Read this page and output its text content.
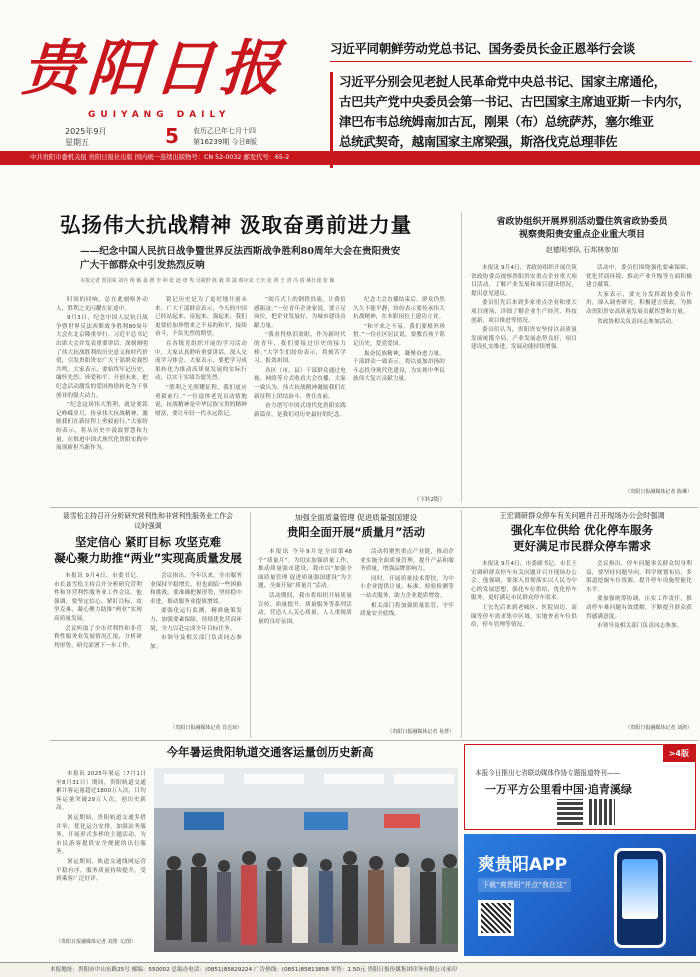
贵阳日报
GUIYANG DAILY
2025年9月
星期五	5 农历乙巳年七月十四
第16239期 今日8版
习近平同朝鲜劳动党总书记、国务委员长金正恩举行会谈
习近平分别会见老挝人民革命党中央总书记、国家主席通伦，
古巴共产党中央委员会第一书记、古巴国家主席迪亚斯－卡内尔，
津巴布韦总统姆南加古瓦，刚果（布）总统萨苏，塞尔维亚
总统武契奇，越南国家主席梁强，斯洛伐克总理菲佐
中共贵阳市委机关报 贵阳日报社出版 国内统一连续出版物号：CN 52-0032 邮发代号：65-2
弘扬伟大抗战精神 汲取奋勇前进力量
——纪念中国人民抗日战争暨世界反法西斯战争胜利80周年大会在贵阳贵安
广大干部群众中引发热烈反响
本报记者 贾国荣 刘丹 杨 颖 晏 媛 李 婷 张 迪 唐 隽 吴婧舒 陈 毅 邓 露 蔡应宋 王庆 张 鸿 王 清 冯 倩 姚仕波 张 颖
时间的回响，总在此刻格外动人，胜利之光闪耀在征途中。
9月3日，纪念中国人民抗日战争暨世界反法西斯战争胜利80周年大会在北京隆重举行。习近平总书记出席大会并发表重要讲话，深刻阐明了伟大抗战胜利的历史意义和时代价值，引发贵阳贵安广大干部群众强烈共鸣。大家表示，要始终牢记历史、缅怀先烈、珍爱和平、开创未来，把纪念活动激发的爱国热情转化为干事创业的强大动力。
“纪念这场伟大胜利，就是要铭记峥嵘岁月，传承伟大抗战精神，激励我们在新征程上勇毅前行。”大家纷纷表示，将从历史中汲取智慧和力量，在推进中国式现代化贵阳实践中展现新担当新作为。
铭记历史是为了更好地开创未来。广大干部群众表示，今天的中国已经站起来、富起来、强起来，我们更要倍加珍惜来之不易的和平，接续奋斗，不负先烈的期望。
在各级党组织开展的学习活动中，大家认真聆听重要讲话，深入交流学习体会。大家表示，要把学习成果转化为推动高质量发展的实际行动，以实干实绩告慰先烈。
“胜利之光照耀征程，我们更应勇毅前行。”一位退休老党员动情地说，抗战精神是中华民族宝贵的精神财富，要让年轻一代永远铭记。
“阅兵式上的钢铁洪流，让我倍感振奋。”一位青年企业家说，要立足岗位，把企业发展好，为城市建设贡献力量。
“我看得热泪盈眶，作为新时代的青年，我们要接过历史的接力棒。”大学生们纷纷表示，将刻苦学习、报效祖国。
各区（市、县）干部群众通过电视、网络等方式收看大会直播，大家一致认为，伟大抗战精神激励我们在新征程上团结奋斗、勇往直前。
奋力谱写中国式现代化贵阳实践新篇章，是我们对历史最好的纪念。
纪念大会直播结束后，群众仍然久久不能平静，纷纷表示要传承伟大抗战精神，在本职岗位上建功立业。
“和平来之不易，我们要格外珍惜。”一位社区居民说，要教育孩子铭记历史，爱党爱国。
振奋民族精神，凝聚奋进力量。干部群众一致表示，将以更加昂扬的斗志投身现代化建设，为实现中华民族伟大复兴贡献力量。
（下转2版）
省政协组织开展界别活动暨住筑省政协委员
视察贵阳贵安重点企业重大项目
赵德明率队 石邦林参加
本报讯 9月4日，省政协组织开展住筑省政协委员视察贵阳贵安重点企业重大项目活动，了解产业发展和项目建设情况，提出意见建议。
委员们先后来到多家重点企业和重大项目现场，详细了解企业生产经营、科技创新、项目推进等情况。
委员们认为，贵阳贵安坚持以高质量发展统揽全局，产业发展态势良好，项目建设扎实推进，发展动能持续增强。
活动中，委员们围绕强化要素保障、优化营商环境、推动产业升级等方面积极建言献策。
大家表示，要充分发挥政协委员作用，深入调查研究，积极建言资政，为推动贵阳贵安高质量发展贡献智慧和力量。
省政协相关负责同志参加活动。
（贵阳日报融媒体记者 陈琳）
王宏调研群众停车有关问题并召开现场办公会时强调
强化车位供给 优化停车服务
更好满足市民群众停车需求
本报讯 9月4日，市委副书记、市长王宏调研群众停车有关问题并召开现场办公会。他强调，要深入贯彻落实以人民为中心的发展思想，强化车位供给，优化停车服务，更好满足市民群众停车需求。
王宏先后来到老城区、医院周边、商圈等停车需求集中区域，实地查看车位供给、停车管理等情况。
会议指出，停车问题事关群众切身利益，要坚持问题导向，科学规划布局，多渠道挖掘车位资源，提升停车设施智能化水平。
要加强统筹协调，压实工作责任，推动停车难问题有效缓解，不断提升群众获得感满意度。
市领导及相关部门负责同志参加。
（贵阳日报融媒体记者 刘鸿）
聂雪松主持召开分析研究营利性和非营利性服务业工作会议时强调
坚定信心 紧盯目标 攻坚克难
凝心聚力助推“两业”实现高质量发展
本报讯 9月4日，市委书记、市长聂雪松主持召开分析研究营利性和非营利性服务业工作会议。他强调，要坚定信心、紧盯目标、攻坚克难，凝心聚力助推“两业”实现高质量发展。
会议听取了全市营利性和非营利性服务业发展情况汇报，分析研判形势，研究部署下一步工作。
会议指出，今年以来，全市服务业保持平稳增长，但也面临一些困难和挑战。要准确把握形势，坚持稳中求进，推动服务业提质增效。
要强化运行监测，精准施策发力，加强要素保障，持续优化营商环境，全力以赴完成全年目标任务。
市领导及相关部门负责同志参加。
（贵阳日报融媒体记者 肖达琼）
加强全面质量管理 促进质量强国建设
贵阳全面开展“质量月”活动
本报讯 今年9月是全国第48个“质量月”。为切实加强质量工作，推动质量强市建设，我市以“加强全面质量管理 促进质量强国建设”为主题，全面开展“质量月”活动。
活动期间，我市将组织开展质量宣传、质量提升、质量服务等系列活动，营造人人关心质量、人人重视质量的良好氛围。
活动将聚焦重点产业链，推动企业实施全面质量管理，提升产品和服务质量，增强品牌影响力。
同时，开展质量技术帮扶，为中小企业提供计量、标准、检验检测等一站式服务，助力企业提质增效。
相关部门将加强质量监管，守牢质量安全底线。
（贵阳日报融媒体记者 易慧）
今年暑运贵阳轨道交通客运量创历史新高
本报讯 2025年暑运（7月1日至8月31日）期间，贵阳轨道交通累计客运量超过1800万人次，日均客运量突破29万人次，创历史新高。
暑运期间，贵阳轨道交通多措并举，优化运力安排，加强站务服务，开展形式多样的主题活动，为市民游客提供安全便捷的出行服务。
暑运期间，轨道交通线网运营平稳有序，服务质量持续提升，受到乘客广泛好评。
（贵阳日报融媒体记者 刘蕾 文/图）
>4版
本报今日推出七省联动媒体作协专题报道特刊——
一万平方公里看中国·追青溪绿
爽贵阳APP
下载“爽贵阳”并点“我在这”
本报地址：贵阳市中山东路25号 邮编：550002 总编办电话：(0851)85829224 广告热线：(0851)85813858 零售：1.50元 贵阳日报传媒集团印务有限公司承印
